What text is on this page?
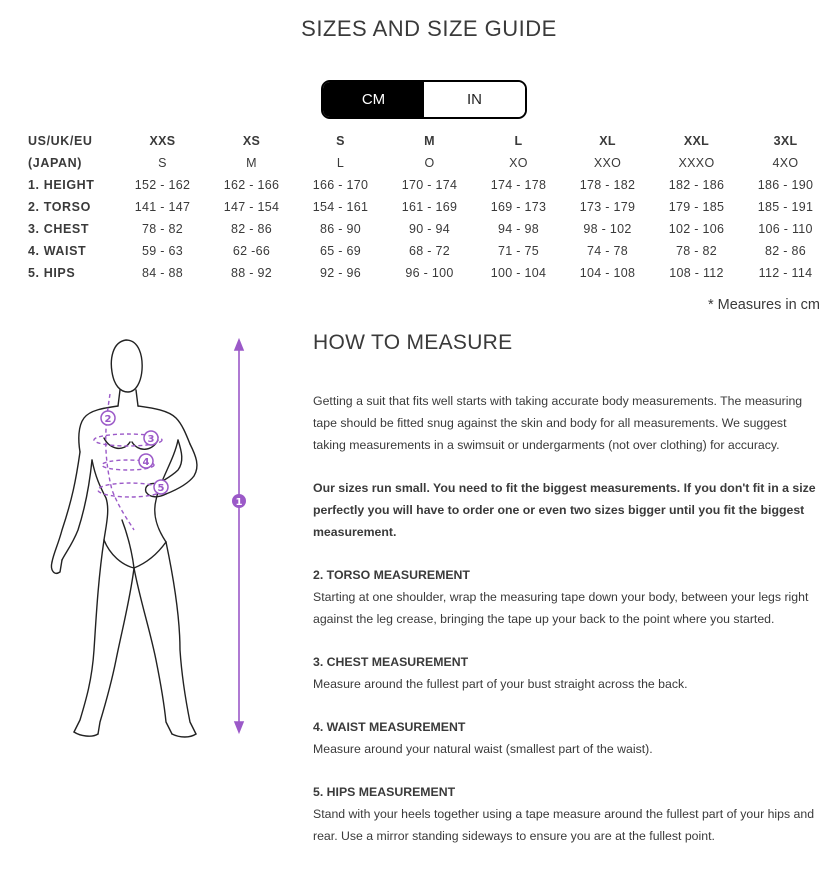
SIZES AND SIZE GUIDE
CM	IN
US/UK/EU	XXS	XS	S	M	L	XL	XXL	3XL
(JAPAN)	S	M	L	O	XO	XXO	XXXO	4XO
1. HEIGHT	152 - 162	162 - 166	166 - 170	170 - 174	174 - 178	178 - 182	182 - 186	186 - 190
2. TORSO	141 - 147	147 - 154	154 - 161	161 - 169	169 - 173	173 - 179	179 - 185	185 - 191
3. CHEST	78 - 82	82 - 86	86 - 90	90 - 94	94 - 98	98 - 102	102 - 106	106 - 110
4. WAIST	59 - 63	62 -66	65 - 69	68 - 72	71 - 75	74 - 78	78 - 82	82 - 86
5. HIPS	84 - 88	88 - 92	92 - 96	96 - 100	100 - 104	104 - 108	108 - 112	112 - 114
* Measures in cm
1
2
3
4
5
HOW TO MEASURE

Getting a suit that fits well starts with taking accurate body measurements. The measuring tape should be fitted snug against the skin and body for all measurements. We suggest taking measurements in a swimsuit or undergarments (not over clothing) for accuracy.

Our sizes run small. You need to fit the biggest measurements. If you don't fit in a size perfectly you will have to order one or even two sizes bigger until you fit the biggest measurement.

2. TORSO MEASUREMENT

Starting at one shoulder, wrap the measuring tape down your body, between your legs right against the leg crease, bringing the tape up your back to the point where you started.

3. CHEST MEASUREMENT

Measure around the fullest part of your bust straight across the back.

4. WAIST MEASUREMENT

Measure around your natural waist (smallest part of the waist).

5. HIPS MEASUREMENT

Stand with your heels together using a tape measure around the fullest part of your hips and rear. Use a mirror standing sideways to ensure you are at the fullest point.
